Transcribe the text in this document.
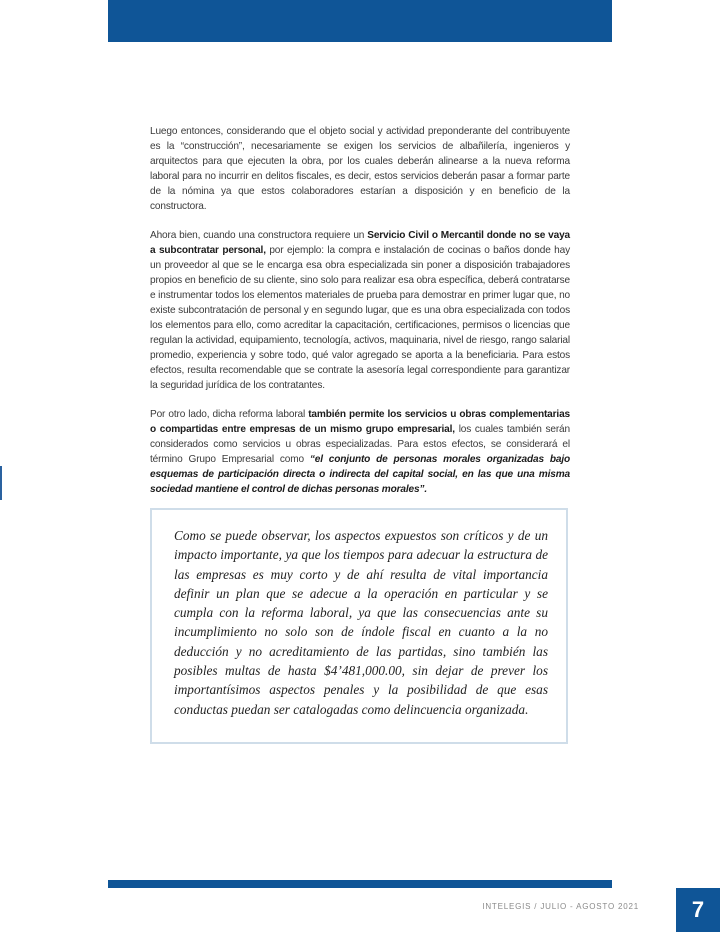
Luego entonces, considerando que el objeto social y actividad preponderante del contribuyente es la “construcción”, necesariamente se exigen los servicios de albañilería, ingenieros y arquitectos para que ejecuten la obra, por los cuales deberán alinearse a la nueva reforma laboral para no incurrir en delitos fiscales, es decir, estos servicios deberán pasar a formar parte de la nómina ya que estos colaboradores estarían a disposición y en beneficio de la constructora.

Ahora bien, cuando una constructora requiere un Servicio Civil o Mercantil donde no se vaya a subcontratar personal, por ejemplo: la compra e instalación de cocinas o baños donde hay un proveedor al que se le encarga esa obra especializada sin poner a disposición trabajadores propios en beneficio de su cliente, sino solo para realizar esa obra específica, deberá contratarse e instrumentar todos los elementos materiales de prueba para demostrar en primer lugar que, no existe subcontratación de personal y en segundo lugar, que es una obra especializada con todos los elementos para ello, como acreditar la capacitación, certificaciones, permisos o licencias que regulan la actividad, equipamiento, tecnología, activos, maquinaria, nivel de riesgo, rango salarial promedio, experiencia y sobre todo, qué valor agregado se aporta a la beneficiaria. Para estos efectos, resulta recomendable que se contrate la asesoría legal correspondiente para garantizar la seguridad jurídica de los contratantes.

Por otro lado, dicha reforma laboral también permite los servicios u obras complementarias o compartidas entre empresas de un mismo grupo empresarial, los cuales también serán considerados como servicios u obras especializadas. Para estos efectos, se considerará el término Grupo Empresarial como “el conjunto de personas morales organizadas bajo esquemas de participación directa o indirecta del capital social, en las que una misma sociedad mantiene el control de dichas personas morales”.

Como se puede observar, los aspectos expuestos son críticos y de un impacto importante, ya que los tiempos para adecuar la estructura de las empresas es muy corto y de ahí resulta de vital importancia definir un plan que se adecue a la operación en particular y se cumpla con la reforma laboral, ya que las consecuencias ante su incumplimiento no solo son de índole fiscal en cuanto a la no deducción y no acreditamiento de las partidas, sino también las posibles multas de hasta $4’481,000.00, sin dejar de prever los importantísimos aspectos penales y la posibilidad de que esas conductas puedan ser catalogadas como delincuencia organizada.

INTELEGIS / JULIO - AGOSTO 2021	7
